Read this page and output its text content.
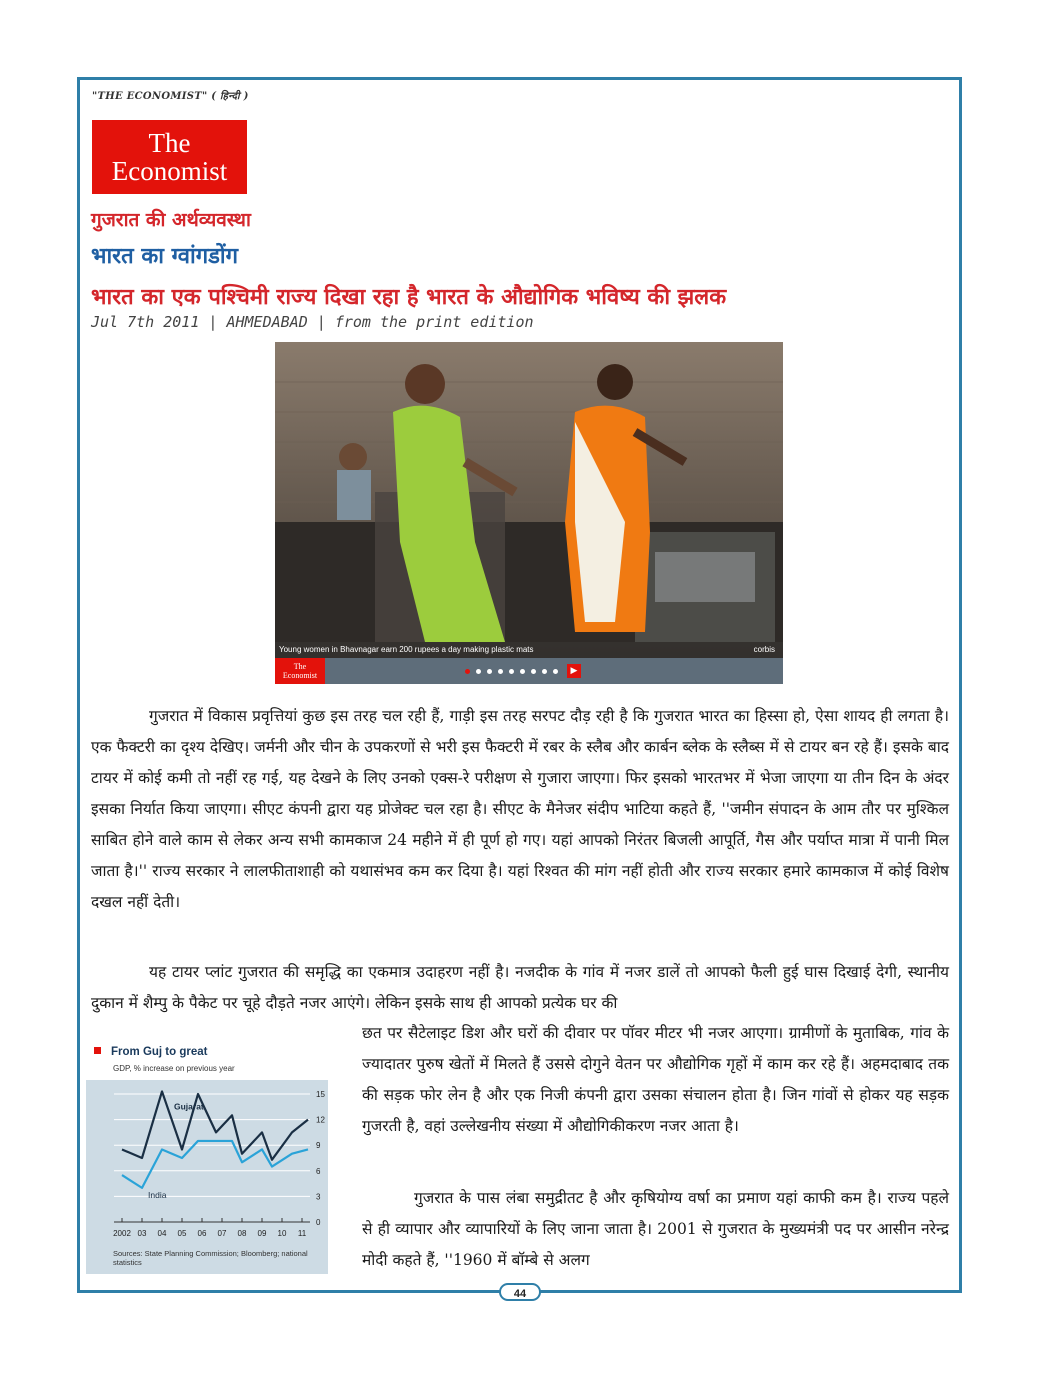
"THE ECONOMIST" ( हिन्दी )
The
Economist
गुजरात की अर्थव्यवस्था
भारत का ग्वांगडोंग
भारत का एक पश्चिमी राज्य दिखा रहा है भारत के औद्योगिक भविष्य की झलक
Jul 7th 2011 | AHMEDABAD | from the print edition
Young women in Bhavnagar earn 200 rupees a day making plastic mats	corbis
The
Economist	▶
गुजरात में विकास प्रवृत्तियां कुछ इस तरह चल रही हैं, गाड़ी इस तरह सरपट दौड़ रही है कि गुजरात भारत का हिस्सा हो, ऐसा शायद ही लगता है। एक फैक्टरी का दृश्य देखिए। जर्मनी और चीन के उपकरणों से भरी इस फैक्टरी में रबर के स्लैब और कार्बन ब्लेक के स्लैब्स में से टायर बन रहे हैं। इसके बाद टायर में कोई कमी तो नहीं रह गई, यह देखने के लिए उनको एक्स-रे परीक्षण से गुजारा जाएगा। फिर इसको भारतभर में भेजा जाएगा या तीन दिन के अंदर इसका निर्यात किया जाएगा। सीएट कंपनी द्वारा यह प्रोजेक्ट चल रहा है। सीएट के मैनेजर संदीप भाटिया कहते हैं, ''जमीन संपादन के आम तौर पर मुश्किल साबित होने वाले काम से लेकर अन्य सभी कामकाज 24 महीने में ही पूर्ण हो गए। यहां आपको निरंतर बिजली आपूर्ति, गैस और पर्याप्त मात्रा में पानी मिल जाता है।'' राज्य सरकार ने लालफीताशाही को यथासंभव कम कर दिया है। यहां रिश्वत की मांग नहीं होती और राज्य सरकार हमारे कामकाज में कोई विशेष दखल नहीं देती।
यह टायर प्लांट गुजरात की समृद्धि का एकमात्र उदाहरण नहीं है। नजदीक के गांव में नजर डालें तो आपको फैली हुई घास दिखाई देगी, स्थानीय दुकान में शैम्पु के पैकेट पर चूहे दौड़ते नजर आएंगे। लेकिन इसके साथ ही आपको प्रत्येक घर की
छत पर सैटेलाइट डिश और घरों की दीवार पर पॉवर मीटर भी नजर आएगा। ग्रामीणों के मुताबिक, गांव के ज्यादातर पुरुष खेतों में मिलते हैं उससे दोगुने वेतन पर औद्योगिक गृहों में काम कर रहे हैं। अहमदाबाद तक की सड़क फोर लेन है और एक निजी कंपनी द्वारा उसका संचालन होता है। जिन गांवों से होकर यह सड़क गुजरती है, वहां उल्लेखनीय संख्या में औद्योगिकीकरण नजर आता है।
गुजरात के पास लंबा समुद्रीतट है और कृषियोग्य वर्षा का प्रमाण यहां काफी कम है। राज्य पहले से ही व्यापार और व्यापारियों के लिए जाना जाता है। 2001 से गुजरात के मुख्यमंत्री पद पर आसीन नरेन्द्र मोदी कहते हैं, ''1960 में बॉम्बे से अलग
From Guj to great
GDP, % increase on previous year
0
3
6
9
12
15
2002 03 04 05 06 07 08 09 10 11
Gujarat
India
Sources: State Planning Commission; Bloomberg; national statistics
44
